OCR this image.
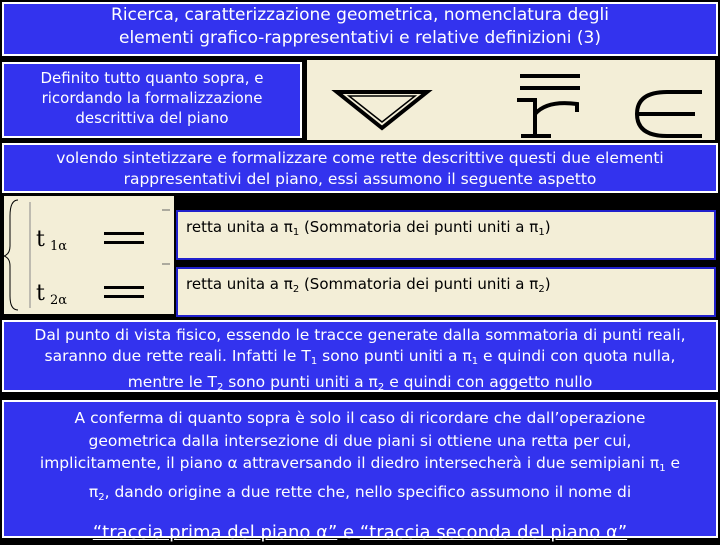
Ricerca, caratterizzazione geometrica, nomenclatura degli
elementi grafico-rappresentativi e relative definizioni (3)
Definito tutto quanto sopra, e
ricordando la formalizzazione
descrittiva del piano
volendo sintetizzare e formalizzare come rette descrittive questi due elementi
rappresentativi del piano, essi assumono il seguente aspetto
t 1α
t 2α
retta unita a $\pi_1$ (Sommatoria dei punti uniti a $\pi_1$)
retta unita a $\pi_2$ (Sommatoria dei punti uniti a $\pi_2$)
Dal punto di vista fisico, essendo le tracce generate dalla sommatoria di punti reali,
saranno due rette reali. Infatti le $T_1$ sono punti uniti a $\pi_1$ e quindi con quota nulla,
mentre le $T_2$ sono punti uniti a $\pi_2$ e quindi con aggetto nullo
A conferma di quanto sopra è solo il caso di ricordare che dall’operazione
geometrica dalla intersezione di due piani si ottiene una retta per cui,
implicitamente, il piano α attraversando il diedro intersecherà i due semipiani $\pi_1$ e
$\pi_2$, dando origine a due rette che, nello specifico assumono il nome di
“traccia prima del piano α” e “traccia seconda del piano α”
